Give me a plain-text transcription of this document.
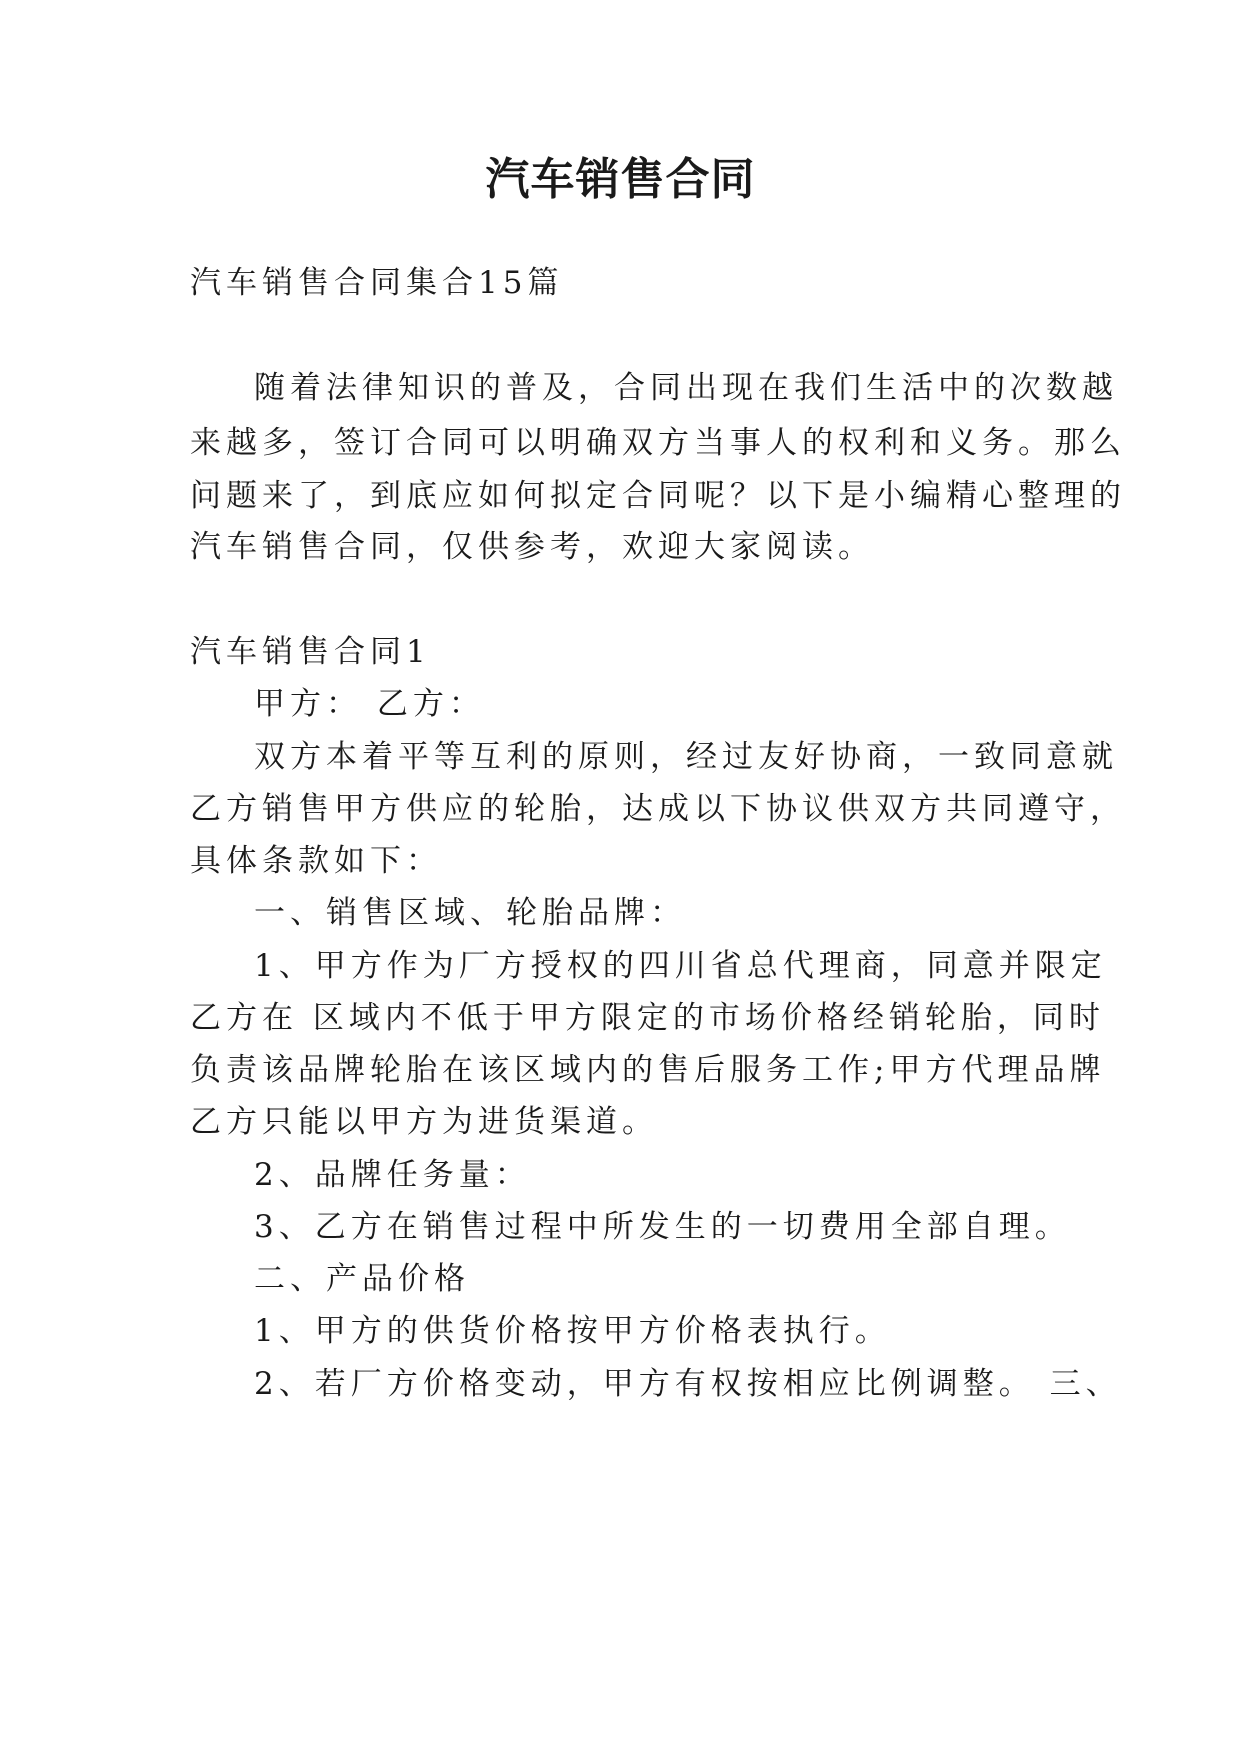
汽车销售合同
汽车销售合同集合15篇
随着法律知识的普及，合同出现在我们生活中的次数越
来越多，签订合同可以明确双方当事人的权利和义务。那么
问题来了，到底应如何拟定合同呢？以下是小编精心整理的
汽车销售合同，仅供参考，欢迎大家阅读。
汽车销售合同1
甲方： 乙方：
双方本着平等互利的原则，经过友好协商，一致同意就
乙方销售甲方供应的轮胎，达成以下协议供双方共同遵守，
具体条款如下：
一、销售区域、轮胎品牌：
1、甲方作为厂方授权的四川省总代理商，同意并限定
乙方在 区域内不低于甲方限定的市场价格经销轮胎，同时
负责该品牌轮胎在该区域内的售后服务工作;甲方代理品牌
乙方只能以甲方为进货渠道。
2、品牌任务量：
3、乙方在销售过程中所发生的一切费用全部自理。
二、产品价格
1、甲方的供货价格按甲方价格表执行。
2、若厂方价格变动，甲方有权按相应比例调整。 三、
